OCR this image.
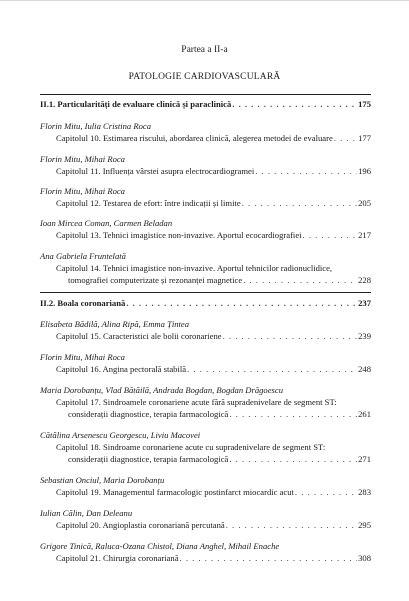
Partea a II-a
PATOLOGIE CARDIOVASCULARĂ
II.1. Particularități de evaluare clinică și paraclinică . . .	175
Florin Mitu, Iulia Cristina Roca
Capitolul 10. Estimarea riscului, abordarea clinică, alegerea metodei de evaluare . . .	177
Florin Mitu, Mihai Roca
Capitolul 11. Influența vârstei asupra electrocardiogramei . . .	196
Florin Mitu, Mihai Roca
Capitolul 12. Testarea de efort: între indicații și limite . . .	205
Ioan Mircea Coman, Carmen Beladan
Capitolul 13. Tehnici imagistice non-invazive. Aportul ecocardiografiei . . .	217
Ana Gabriela Fruntelată
Capitolul 14. Tehnici imagistice non-invazive. Aportul tehnicilor radionuclidice,
tomografiei computerizate și rezonanței magnetice . . .	228
II.2. Boala coronariană . . .	237
Elisabeta Bădilă, Alina Ripă, Emma Țintea
Capitolul 15. Caracteristici ale bolii coronariene . . .	239
Florin Mitu, Mihai Roca
Capitolul 16. Angina pectorală stabilă . . .	248
Maria Dorobanțu, Vlad Bătăilă, Andrada Bogdan, Bogdan Drăgoescu
Capitolul 17. Sindroamele coronariene acute fără supradenivelare de segment ST:
considerații diagnostice, terapia farmacologică . . .	261
Cătălina Arsenescu Georgescu, Liviu Macovei
Capitolul 18. Sindroame coronariene acute cu supradenivelare de segment ST:
considerații diagnostice, terapia farmacologică . . .	271
Sebastian Onciul, Maria Dorobanțu
Capitolul 19. Managementul farmacologic postinfarct miocardic acut . . .	283
Iulian Călin, Dan Deleanu
Capitolul 20. Angioplastia coronariană percutană . . .	295
Grigore Tinică, Raluca-Ozana Chistol, Diana Anghel, Mihail Enache
Capitolul 21. Chirurgia coronariană . . .	308
